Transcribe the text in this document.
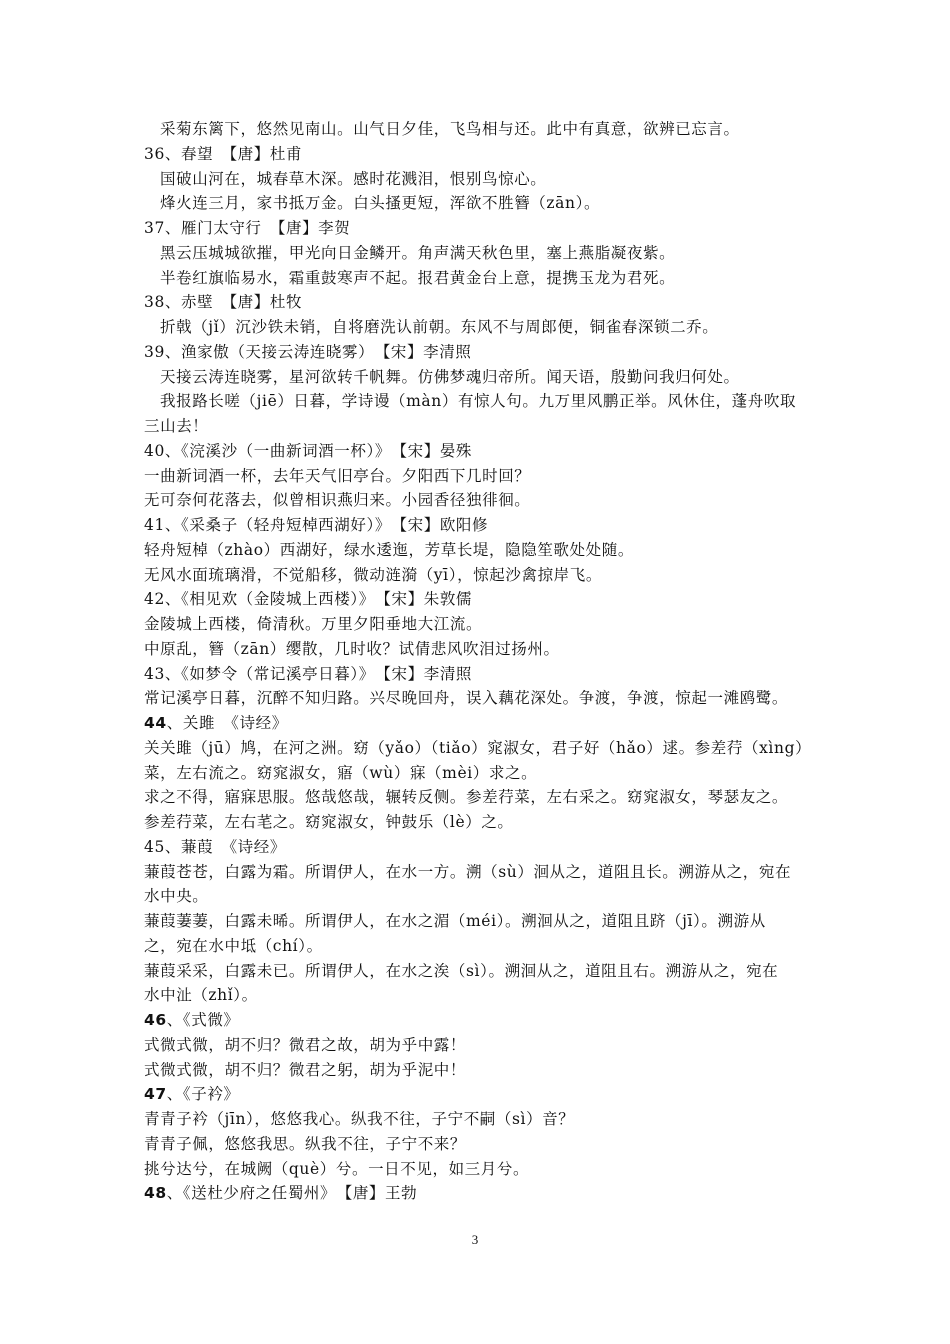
3
采菊东篱下，悠然见南山。山气日夕佳，飞鸟相与还。此中有真意，欲辨已忘言。
36、春望　【唐】杜甫
国破山河在，城春草木深。感时花溅泪，恨别鸟惊心。
烽火连三月，家书抵万金。白头搔更短，浑欲不胜簪（zān）。
37、雁门太守行　【唐】李贺
黑云压城城欲摧，甲光向日金鳞开。角声满天秋色里，塞上燕脂凝夜紫。
半卷红旗临易水，霜重鼓寒声不起。报君黄金台上意，提携玉龙为君死。
38、赤壁　【唐】杜牧
折戟（jǐ）沉沙铁未销，自将磨洗认前朝。东风不与周郎便，铜雀春深锁二乔。
39、渔家傲（天接云涛连晓雾）　【宋】李清照
天接云涛连晓雾，星河欲转千帆舞。仿佛梦魂归帝所。闻天语，殷勤问我归何处。
我报路长嗟（jiē）日暮，学诗谩（màn）有惊人句。九万里风鹏正举。风休住，蓬舟吹取
三山去！
40、《浣溪沙（一曲新词酒一杯）》　【宋】晏殊
一曲新词酒一杯，去年天气旧亭台。夕阳西下几时回？
无可奈何花落去，似曾相识燕归来。小园香径独徘徊。
41、《采桑子（轻舟短棹西湖好）》　【宋】欧阳修
轻舟短棹（zhào）西湖好，绿水逶迤，芳草长堤，隐隐笙歌处处随。
无风水面琉璃滑，不觉船移，微动涟漪（yī），惊起沙禽掠岸飞。
42、《相见欢（金陵城上西楼）》　【宋】朱敦儒
金陵城上西楼，倚清秋。万里夕阳垂地大江流。
中原乱，簪（zān）缨散，几时收？试倩悲风吹泪过扬州。
43、《如梦令（常记溪亭日暮）》　【宋】李清照
常记溪亭日暮，沉醉不知归路。兴尽晚回舟，误入藕花深处。争渡，争渡，惊起一滩鸥鹭。
44、关雎　《诗经》
关关雎（jū）鸠，在河之洲。窈（yǎo）（tiǎo）窕淑女，君子好（hǎo）逑。参差荇（xìng）
菜，左右流之。窈窕淑女，寤（wù）寐（mèi）求之。
求之不得，寤寐思服。悠哉悠哉，辗转反侧。参差荇菜，左右采之。窈窕淑女，琴瑟友之。
参差荇菜，左右芼之。窈窕淑女，钟鼓乐（lè）之。
45、蒹葭　《诗经》
蒹葭苍苍，白露为霜。所谓伊人，在水一方。溯（sù）洄从之，道阻且长。溯游从之，宛在
水中央。
蒹葭萋萋，白露未晞。所谓伊人，在水之湄（méi）。溯洄从之，道阻且跻（jī）。溯游从
之，宛在水中坻（chí）。
蒹葭采采，白露未已。所谓伊人，在水之涘（sì）。溯洄从之，道阻且右。溯游从之，宛在
水中沚（zhǐ）。
46、《式微》
式微式微，胡不归？微君之故，胡为乎中露！
式微式微，胡不归？微君之躬，胡为乎泥中！
47、《子衿》
青青子衿（jīn），悠悠我心。纵我不往，子宁不嗣（sì）音？
青青子佩，悠悠我思。纵我不往，子宁不来？
挑兮达兮，在城阙（què）兮。一日不见，如三月兮。
48、《送杜少府之任蜀州》　【唐】王勃
